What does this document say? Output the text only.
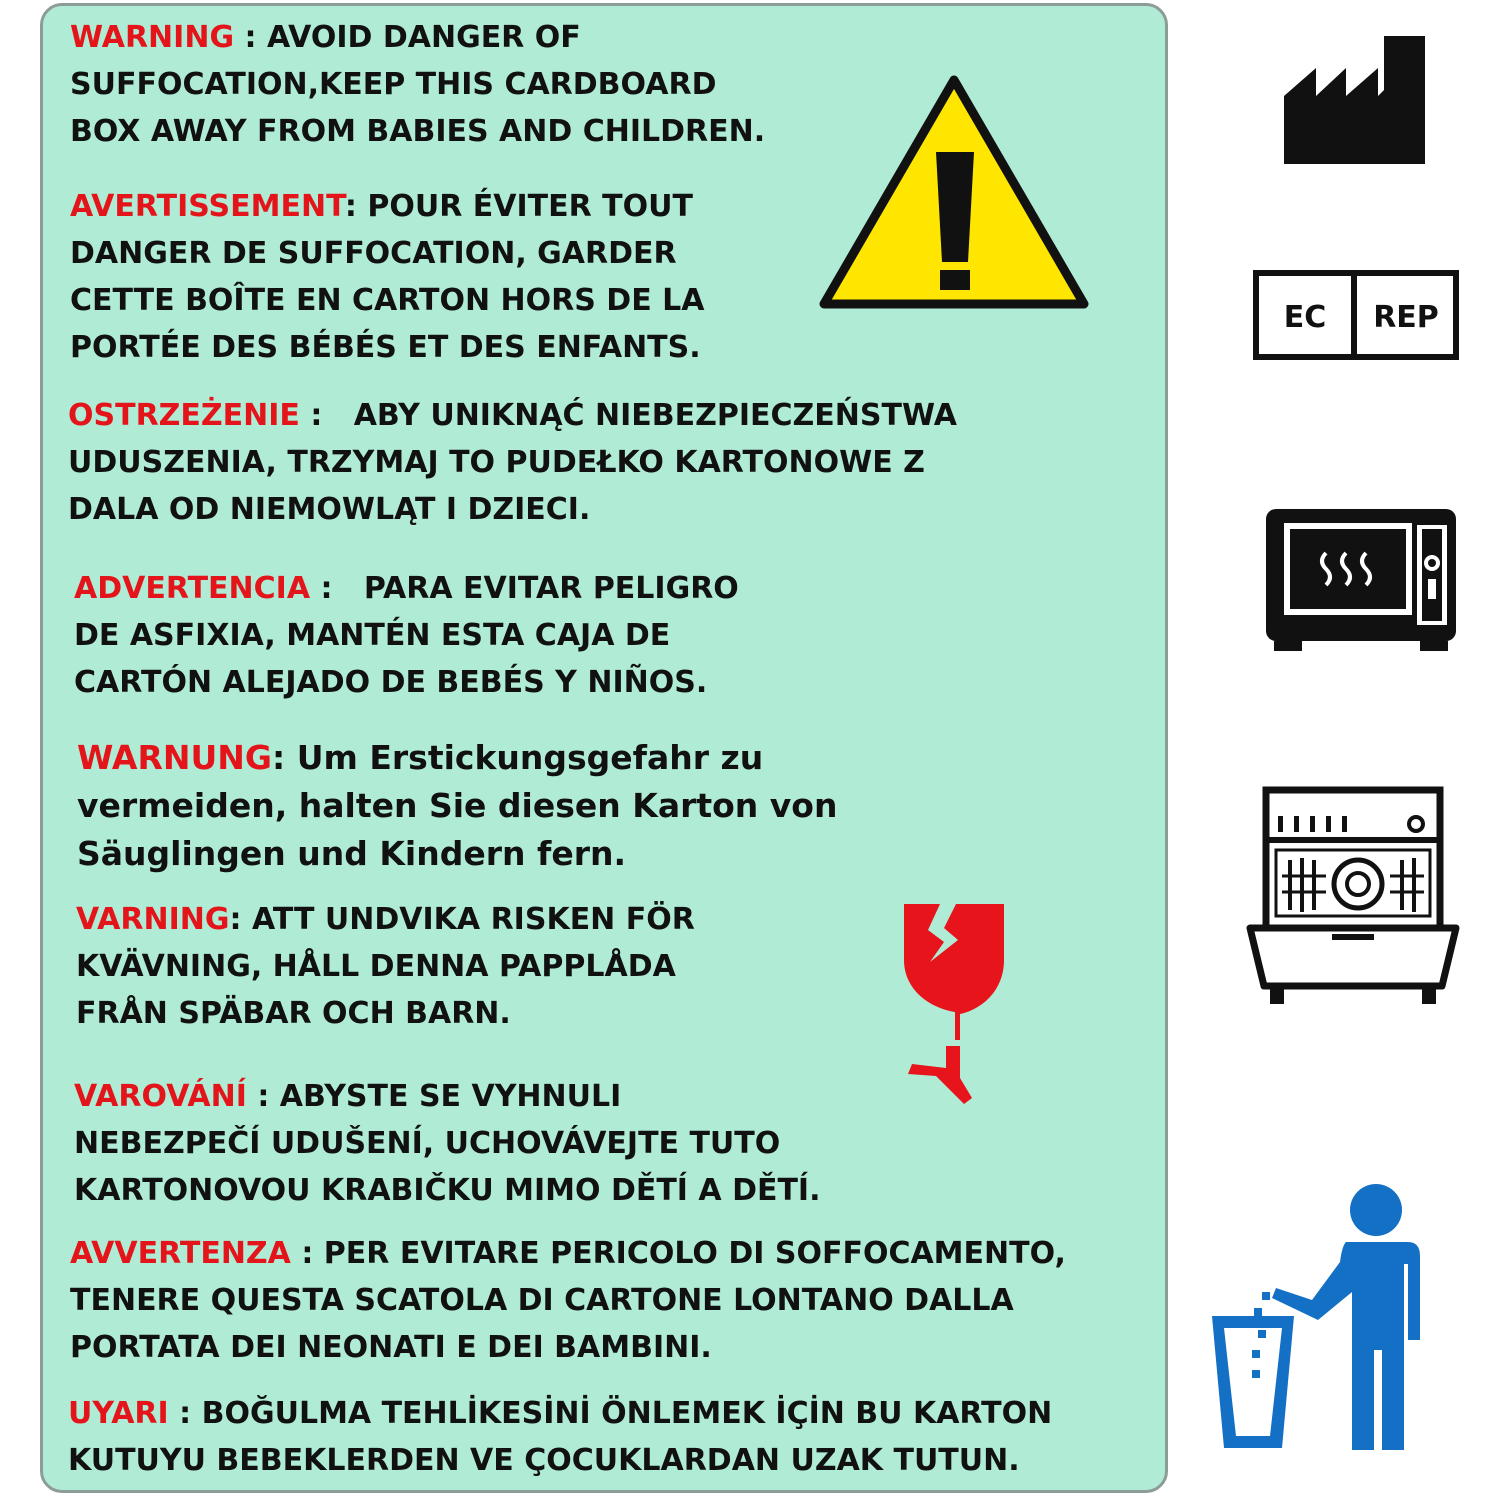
WARNING : AVOID DANGER OF
SUFFOCATION,KEEP THIS CARDBOARD
BOX AWAY FROM BABIES AND CHILDREN.
AVERTISSEMENT: POUR ÉVITER TOUT
DANGER DE SUFFOCATION, GARDER
CETTE BOÎTE EN CARTON HORS DE LA
PORTÉE DES BÉBÉS ET DES ENFANTS.
OSTRZEŻENIE :   ABY UNIKNĄĆ NIEBEZPIECZEŃSTWA
UDUSZENIA, TRZYMAJ TO PUDEŁKO KARTONOWE Z
DALA OD NIEMOWLĄT I DZIECI.
ADVERTENCIA :   PARA EVITAR PELIGRO
DE ASFIXIA, MANTÉN ESTA CAJA DE
CARTÓN ALEJADO DE BEBÉS Y NIÑOS.
WARNUNG: Um Erstickungsgefahr zu
vermeiden, halten Sie diesen Karton von
Säuglingen und Kindern fern.
VARNING: ATT UNDVIKA RISKEN FÖR
KVÄVNING, HÅLL DENNA PAPPLÅDA
FRÅN SPÄBAR OCH BARN.
VAROVÁNÍ : ABYSTE SE VYHNULI
NEBEZPEČÍ UDUŠENÍ, UCHOVÁVEJTE TUTO
KARTONOVOU KRABIČKU MIMO DĚTÍ A DĚTÍ.
AVVERTENZA : PER EVITARE PERICOLO DI SOFFOCAMENTO,
TENERE QUESTA SCATOLA DI CARTONE LONTANO DALLA
PORTATA DEI NEONATI E DEI BAMBINI.
UYARI : BOĞULMA TEHLİKESİNİ ÖNLEMEK İÇİN BU KARTON
KUTUYU BEBEKLERDEN VE ÇOCUKLARDAN UZAK TUTUN.
EC REP
